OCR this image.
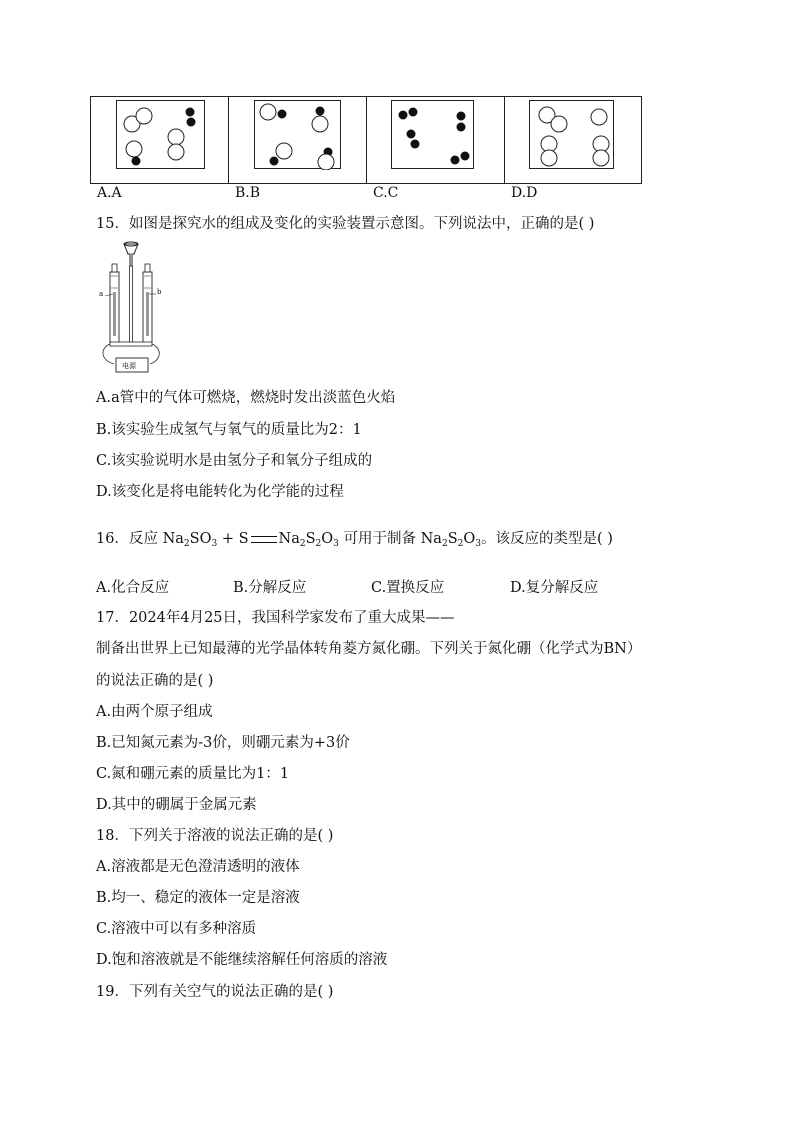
A.A	B.B	C.C	D.D
15．如图是探究水的组成及变化的实验装置示意图。下列说法中，正确的是( )
a	b
电源
A.a管中的气体可燃烧，燃烧时发出淡蓝色火焰
B.该实验生成氢气与氧气的质量比为2：1
C.该实验说明水是由氢分子和氧分子组成的
D.该变化是将电能转化为化学能的过程
16．反应 $Na_2SO_3 + S$ $Na_2S_2O_3$ 可用于制备 $Na_2S_2O_3$。该反应的类型是( )
A.化合反应	B.分解反应	C.置换反应	D.复分解反应
17．2024年4月25日，我国科学家发布了重大成果——
制备出世界上已知最薄的光学晶体转角菱方氮化硼。下列关于氮化硼（化学式为BN）
的说法正确的是( )
A.由两个原子组成
B.已知氮元素为-3价，则硼元素为+3价
C.氮和硼元素的质量比为1：1
D.其中的硼属于金属元素
18．下列关于溶液的说法正确的是( )
A.溶液都是无色澄清透明的液体
B.均一、稳定的液体一定是溶液
C.溶液中可以有多种溶质
D.饱和溶液就是不能继续溶解任何溶质的溶液
19．下列有关空气的说法正确的是( )
